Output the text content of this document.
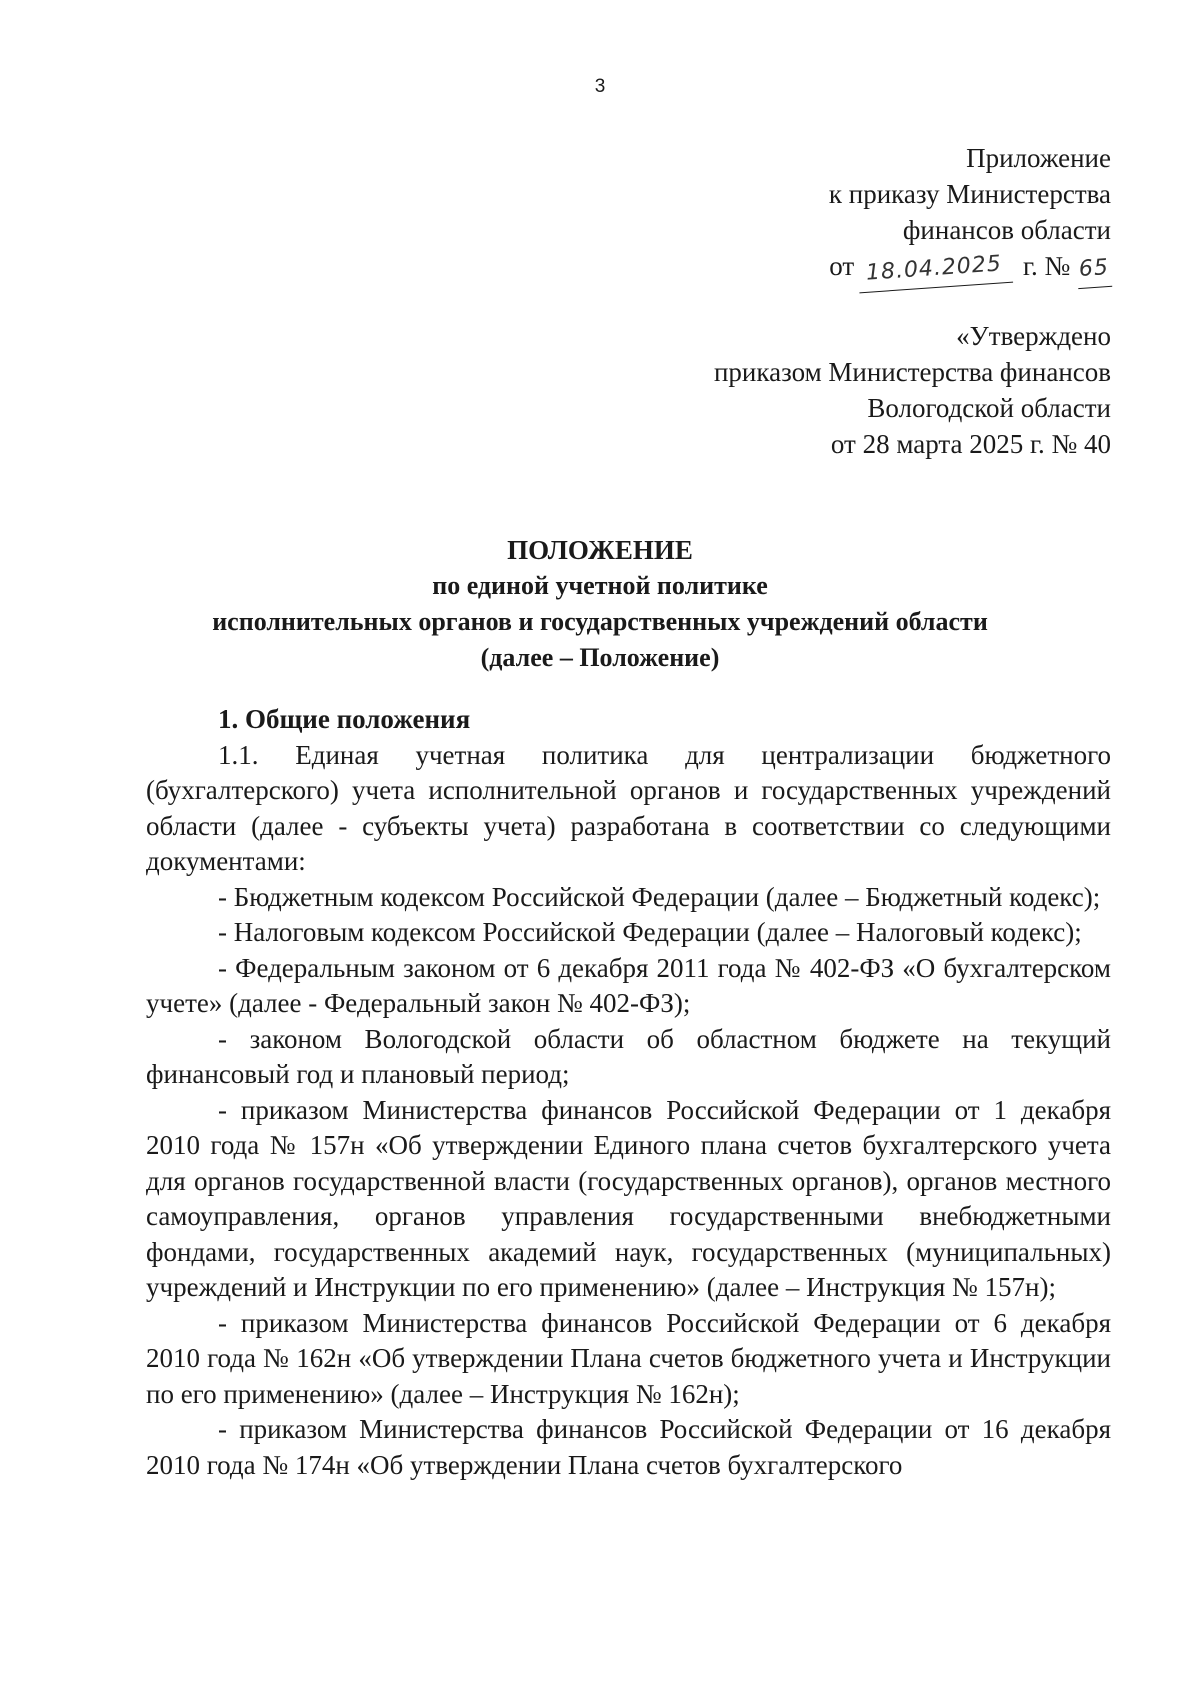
3
Приложение
к приказу Министерства
финансов области
от 18.04.2025 г. № 65
«Утверждено
приказом Министерства финансов
Вологодской области
от 28 марта 2025 г. № 40
ПОЛОЖЕНИЕ
по единой учетной политике
исполнительных органов и государственных учреждений области
(далее – Положение)
1. Общие положения

1.1. Единая учетная политика для централизации бюджетного (бухгалтерского) учета исполнительной органов и государственных учреждений области (далее - субъекты учета) разработана в соответствии со следующими документами:

- Бюджетным кодексом Российской Федерации (далее – Бюджетный кодекс);

- Налоговым кодексом Российской Федерации (далее – Налоговый кодекс);

- Федеральным законом от 6 декабря 2011 года № 402-ФЗ «О бухгалтерском учете» (далее - Федеральный закон № 402-ФЗ);

- законом Вологодской области об областном бюджете на текущий финансовый год и плановый период;

- приказом Министерства финансов Российской Федерации от 1 декабря 2010 года № 157н «Об утверждении Единого плана счетов бухгалтерского учета для органов государственной власти (государственных органов), органов местного самоуправления, органов управления государственными внебюджетными фондами, государственных академий наук, государственных (муниципальных) учреждений и Инструкции по его применению» (далее – Инструкция № 157н);

- приказом Министерства финансов Российской Федерации от 6 декабря 2010 года № 162н «Об утверждении Плана счетов бюджетного учета и Инструкции по его применению» (далее – Инструкция № 162н);

- приказом Министерства финансов Российской Федерации от 16 декабря 2010 года № 174н «Об утверждении Плана счетов бухгалтерского
